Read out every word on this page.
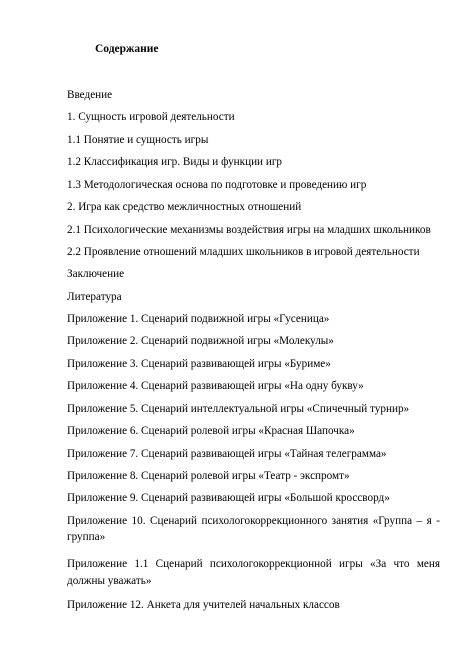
Содержание
Введение
1. Сущность игровой деятельности
1.1 Понятие и сущность игры
1.2 Классификация игр. Виды и функции игр
1.3 Методологическая основа по подготовке и проведению игр
2. Игра как средство межличностных отношений
2.1 Психологические механизмы воздействия игры на младших школьников
2.2 Проявление отношений младших школьников в игровой деятельности
Заключение
Литература
Приложение 1. Сценарий подвижной игры «Гусеница»
Приложение 2. Сценарий подвижной игры «Молекулы»
Приложение 3. Сценарий развивающей игры «Буриме»
Приложение 4. Сценарий развивающей игры «На одну букву»
Приложение 5. Сценарий интеллектуальной игры «Спичечный турнир»
Приложение 6. Сценарий ролевой игры «Красная Шапочка»
Приложение 7. Сценарий развивающей игры «Тайная телеграмма»
Приложение 8. Сценарий ролевой игры «Театр - экспромт»
Приложение 9. Сценарий развивающей игры «Большой кроссворд»
Приложение 10. Сценарий психологокоррекционного занятия «Группа – я -
группа»
Приложение 1.1 Сценарий психологокоррекционной игры «За что меня
должны уважать»
Приложение 12. Анкета для учителей начальных классов
